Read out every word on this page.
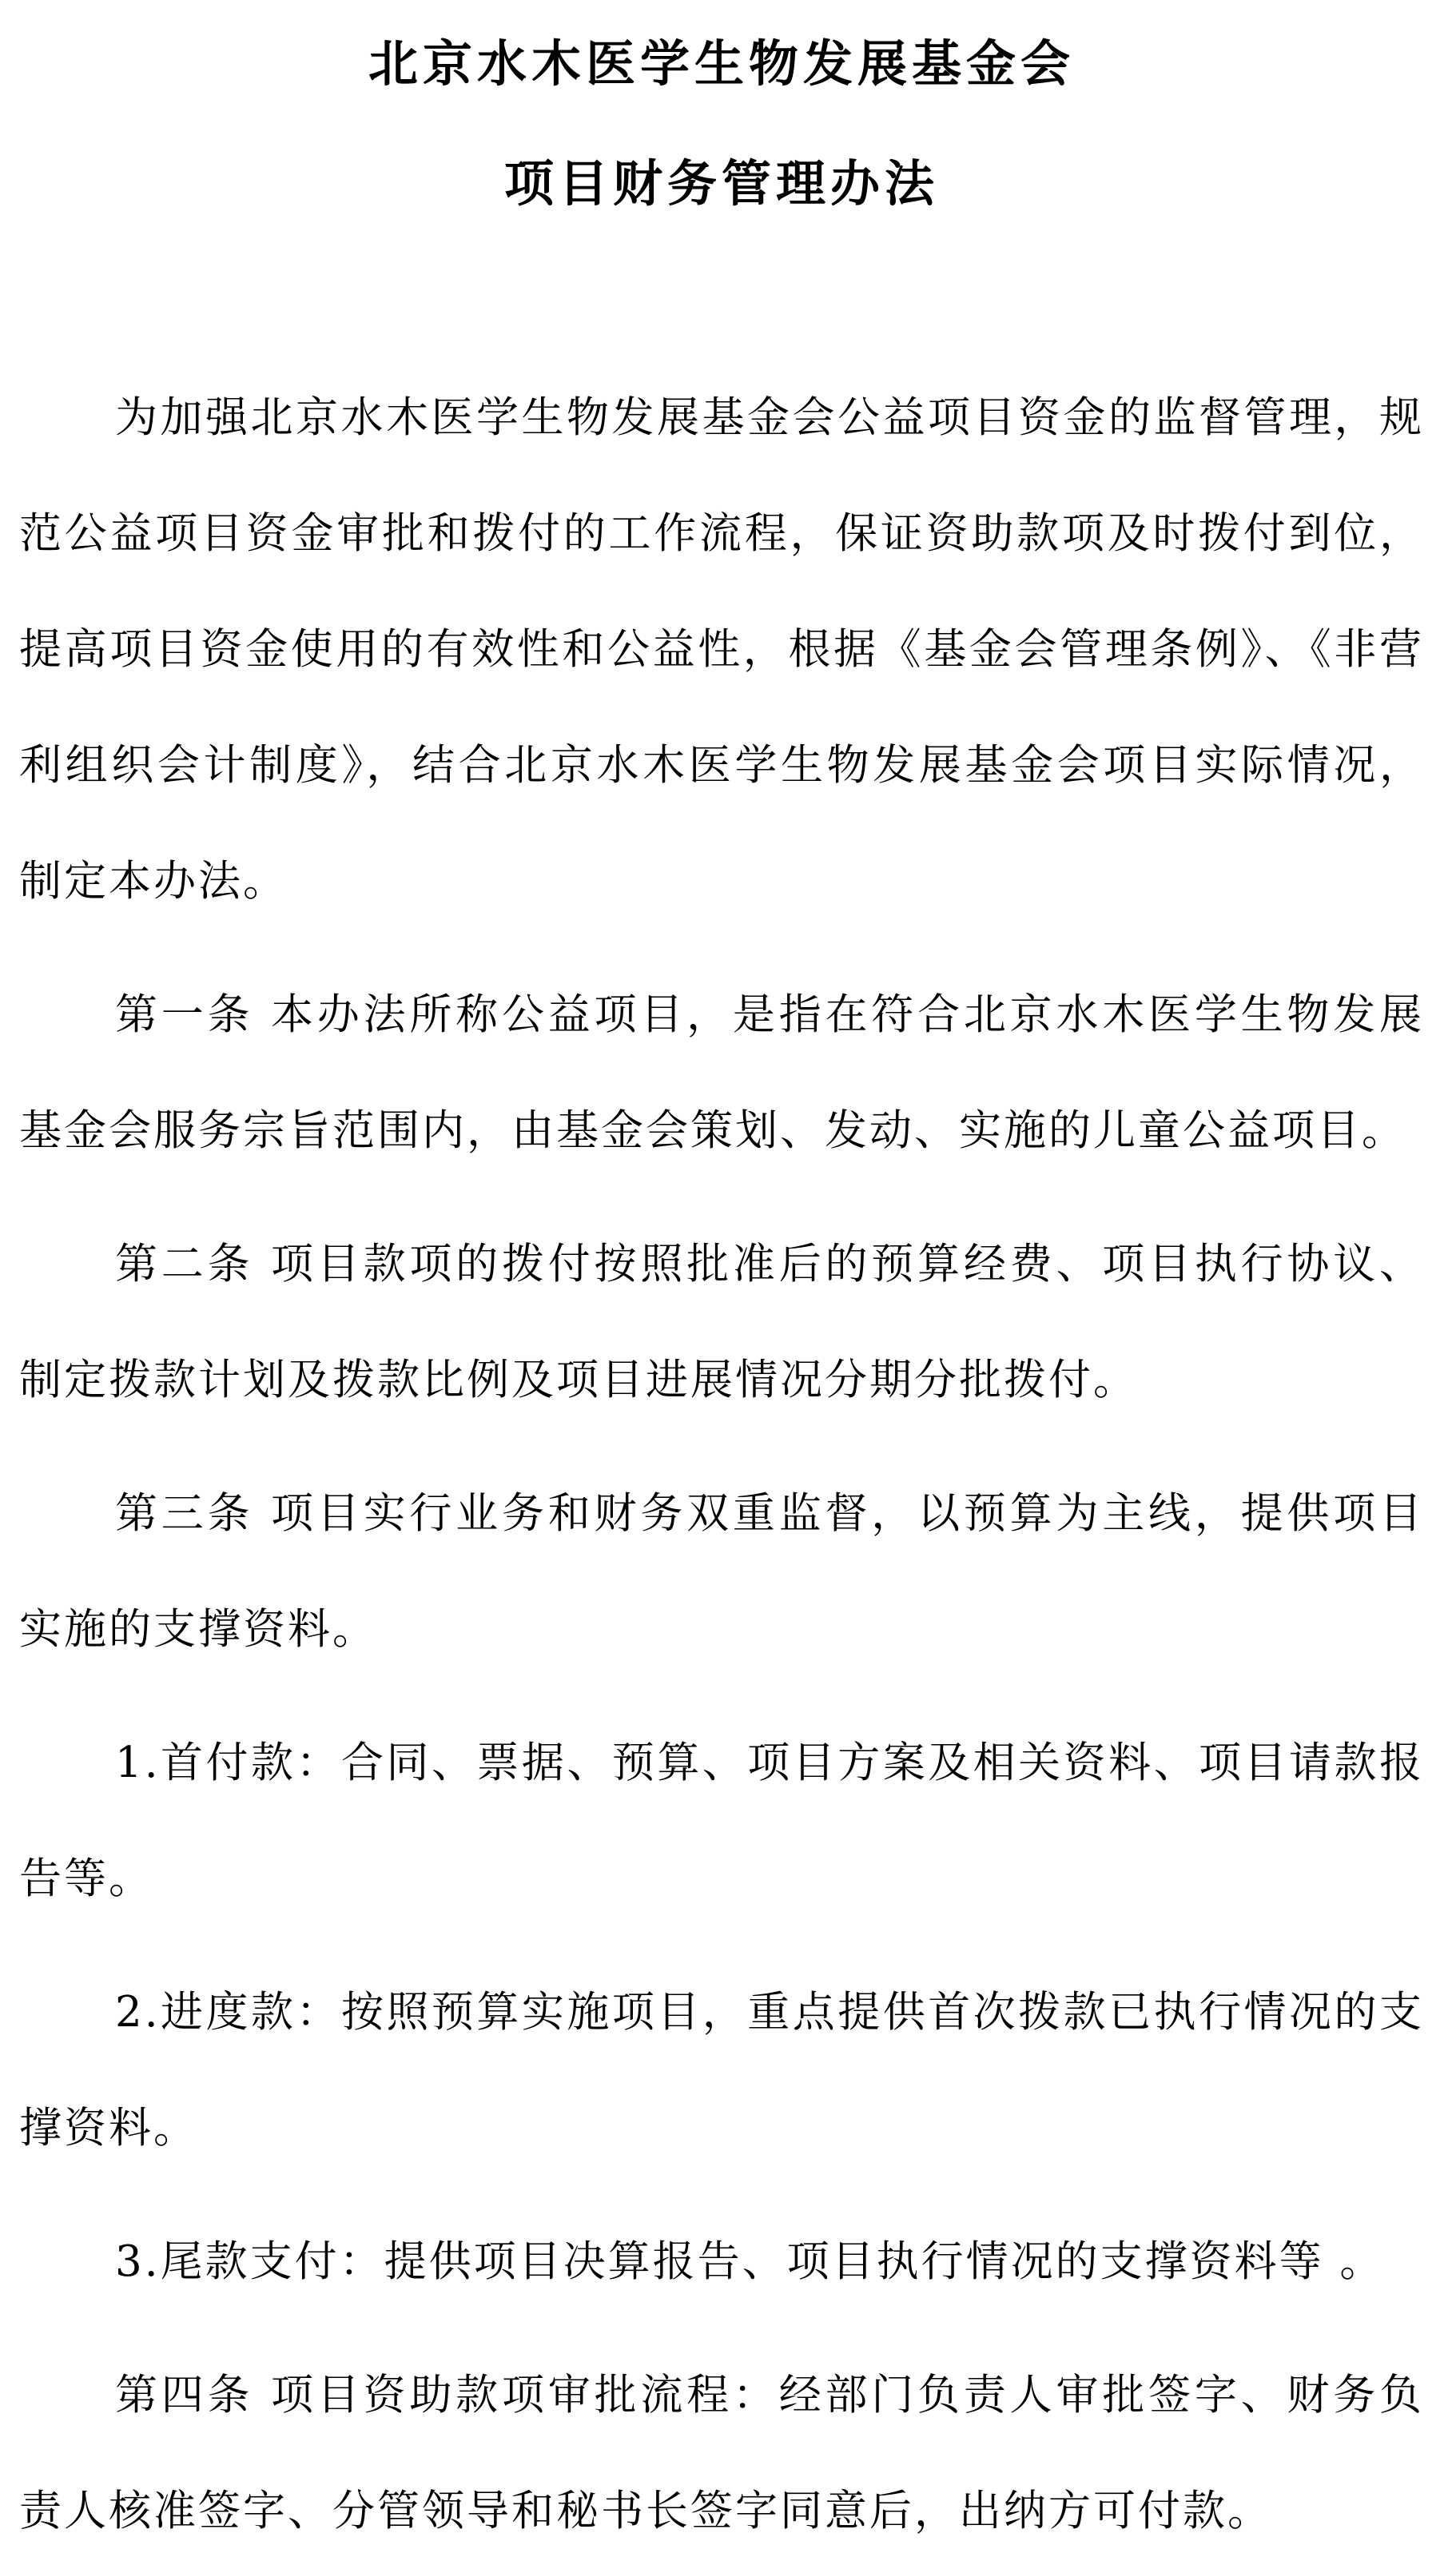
北京水木医学生物发展基金会
项目财务管理办法

为加强北京水木医学生物发展基金会公益项目资金的监督管理，规范公益项目资金审批和拨付的工作流程，保证资助款项及时拨付到位，提高项目资金使用的有效性和公益性，根据《基金会管理条例》、《非营利组织会计制度》，结合北京水木医学生物发展基金会项目实际情况，制定本办法。

第一条 本办法所称公益项目，是指在符合北京水木医学生物发展基金会服务宗旨范围内，由基金会策划、发动、实施的儿童公益项目。

第二条 项目款项的拨付按照批准后的预算经费、项目执行协议、制定拨款计划及拨款比例及项目进展情况分期分批拨付。

第三条 项目实行业务和财务双重监督，以预算为主线，提供项目实施的支撑资料。

1.首付款：合同、票据、预算、项目方案及相关资料、项目请款报告等。

2.进度款：按照预算实施项目，重点提供首次拨款已执行情况的支撑资料。

3.尾款支付：提供项目决算报告、项目执行情况的支撑资料等 。

第四条 项目资助款项审批流程：经部门负责人审批签字、财务负责人核准签字、分管领导和秘书长签字同意后，出纳方可付款。
